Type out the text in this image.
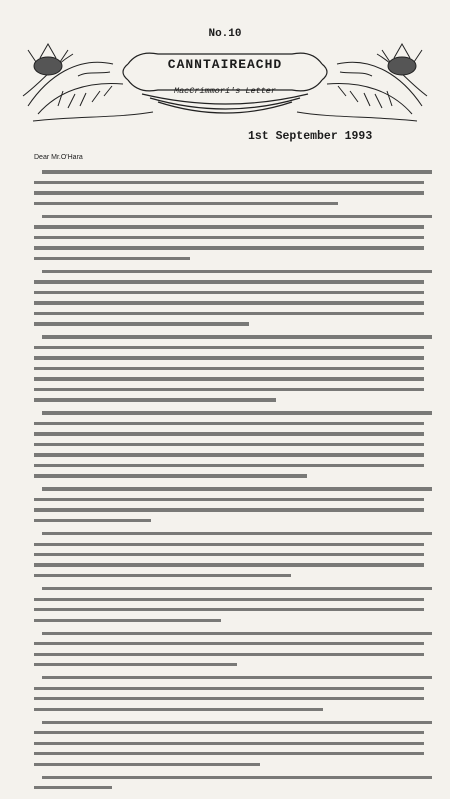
No.10
CANNTAIREACHD
MacCrimmori's Letter
1st September 1993
Dear Mr.O'Hara
